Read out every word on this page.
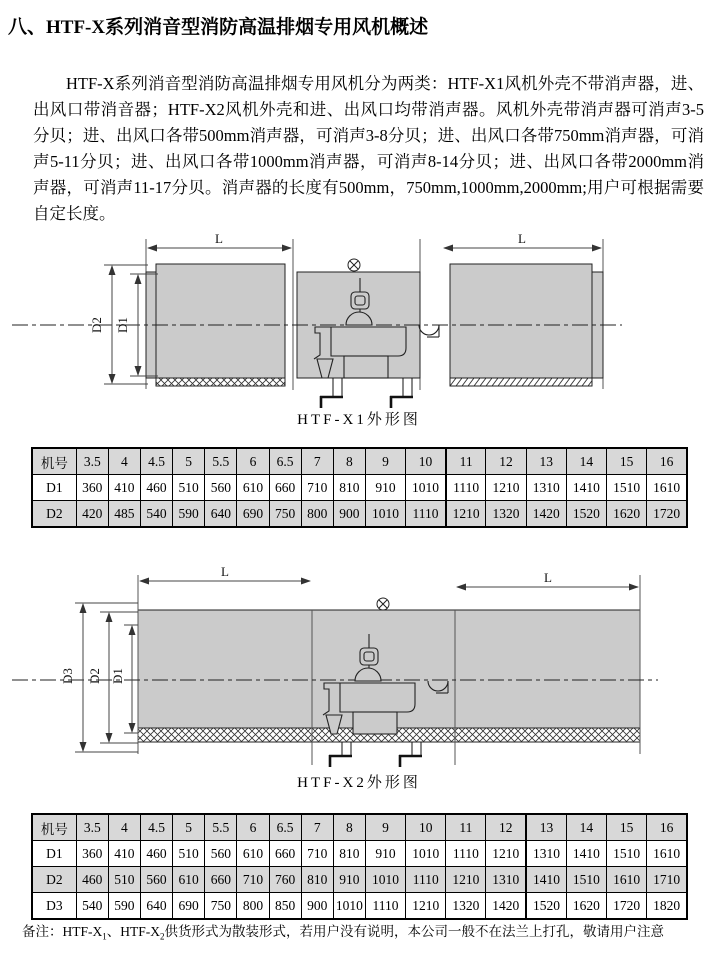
八、HTF-X系列消音型消防高温排烟专用风机概述

HTF-X系列消音型消防高温排烟专用风机分为两类：HTF-X1风机外壳不带消声器，进、出风口带消音器；HTF-X2风机外壳和进、出风口均带消声器。风机外壳带消声器可消声3-5分贝；进、出风口各带500mm消声器，可消声3-8分贝；进、出风口各带750mm消声器，可消声5-11分贝；进、出风口各带1000mm消声器，可消声8-14分贝；进、出风口各带2000mm消声器，可消声11-17分贝。消声器的长度有500mm，750mm,1000mm,2000mm;用户可根据需要自定长度。

L	L
D2 D1
HTF-X1外形图
机号	3.5	4	4.5	5	5.5	6	6.5	7	8	9	10	11	12	13	14	15	16
D1	360	410	460	510	560	610	660	710	810	910	1010	1110	1210	1310	1410	1510	1610
D2	420	485	540	590	640	690	750	800	900	1010	1110	1210	1320	1420	1520	1620	1720
L	L
D3 D2 D1
HTF-X2外形图
机号	3.5	4	4.5	5	5.5	6	6.5	7	8	9	10	11	12	13	14	15	16
D1	360	410	460	510	560	610	660	710	810	910	1010	1110	1210	1310	1410	1510	1610
D2	460	510	560	610	660	710	760	810	910	1010	1110	1210	1310	1410	1510	1610	1710
D3	540	590	640	690	750	800	850	900	1010	1110	1210	1320	1420	1520	1620	1720	1820
备注：HTF-$X_1$、HTF-$X_2$供货形式为散装形式，若用户没有说明，本公司一般不在法兰上打孔，敬请用户注意
